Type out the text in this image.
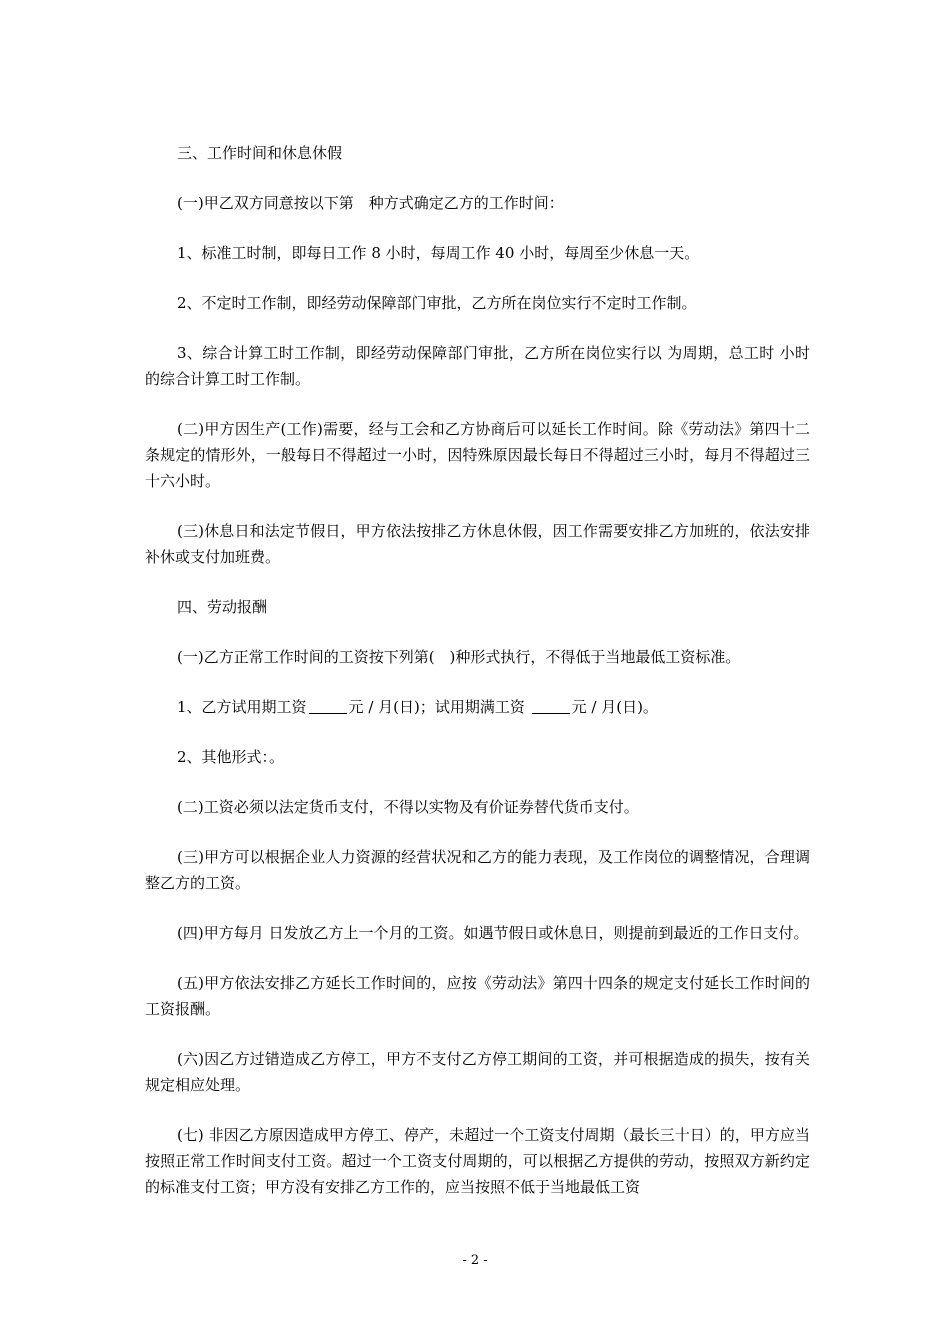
三、工作时间和休息休假

(一)甲乙双方同意按以下第　种方式确定乙方的工作时间：

1、标准工时制，即每日工作 8 小时，每周工作 40 小时，每周至少休息一天。

2、不定时工作制，即经劳动保障部门审批，乙方所在岗位实行不定时工作制。

3、综合计算工时工作制，即经劳动保障部门审批，乙方所在岗位实行以 为周期，总工时 小时的综合计算工时工作制。

(二)甲方因生产(工作)需要，经与工会和乙方协商后可以延长工作时间。除《劳动法》第四十二条规定的情形外，一般每日不得超过一小时，因特殊原因最长每日不得超过三小时，每月不得超过三十六小时。

(三)休息日和法定节假日，甲方依法按排乙方休息休假，因工作需要安排乙方加班的，依法安排补休或支付加班费。

四、劳动报酬

(一)乙方正常工作时间的工资按下列第(　)种形式执行，不得低于当地最低工资标准。

1、乙方试用期工资	元 / 月(日)；试用期满工资	元 / 月(日)。

2、其他形式：。

(二)工资必须以法定货币支付，不得以实物及有价证券替代货币支付。

(三)甲方可以根据企业人力资源的经营状况和乙方的能力表现，及工作岗位的调整情况，合理调整乙方的工资。

(四)甲方每月 日发放乙方上一个月的工资。如遇节假日或休息日，则提前到最近的工作日支付。

(五)甲方依法安排乙方延长工作时间的，应按《劳动法》第四十四条的规定支付延长工作时间的工资报酬。

(六)因乙方过错造成乙方停工，甲方不支付乙方停工期间的工资，并可根据造成的损失，按有关规定相应处理。

(七) 非因乙方原因造成甲方停工、停产，未超过一个工资支付周期（最长三十日）的，甲方应当按照正常工作时间支付工资。超过一个工资支付周期的，可以根据乙方提供的劳动，按照双方新约定的标准支付工资；甲方没有安排乙方工作的，应当按照不低于当地最低工资

- 2 -
